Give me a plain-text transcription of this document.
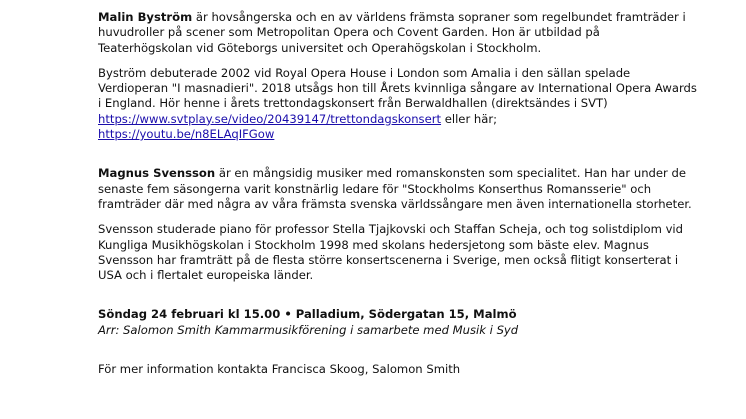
Malin Byström är hovsångerska och en av världens främsta sopraner som regelbundet framträder i huvudroller på scener som Metropolitan Opera och Covent Garden. Hon är utbildad på Teaterhögskolan vid Göteborgs universitet och Operahögskolan i Stockholm.

Byström debuterade 2002 vid Royal Opera House i London som Amalia i den sällan spelade Verdioperan "I masnadieri". 2018 utsågs hon till Årets kvinnliga sångare av International Opera Awards i England. Hör henne i årets trettondagskonsert från Berwaldhallen (direktsändes i SVT)
https://www.svtplay.se/video/20439147/trettondagskonsert eller här;
https://youtu.be/n8ELAqIFGow

Magnus Svensson är en mångsidig musiker med romanskonsten som specialitet. Han har under de senaste fem säsongerna varit konstnärlig ledare för "Stockholms Konserthus Romansserie" och framträder där med några av våra främsta svenska världssångare men även internationella storheter.

Svensson studerade piano för professor Stella Tjajkovski och Staffan Scheja, och tog solistdiplom vid Kungliga Musikhögskolan i Stockholm 1998 med skolans hedersjetong som bäste elev. Magnus Svensson har framträtt på de flesta större konsertscenerna i Sverige, men också flitigt konserterat i USA och i flertalet europeiska länder.

Söndag 24 februari kl 15.00 • Palladium, Södergatan 15, Malmö
Arr: Salomon Smith Kammarmusikförening i samarbete med Musik i Syd

För mer information kontakta Francisca Skoog, Salomon Smith
